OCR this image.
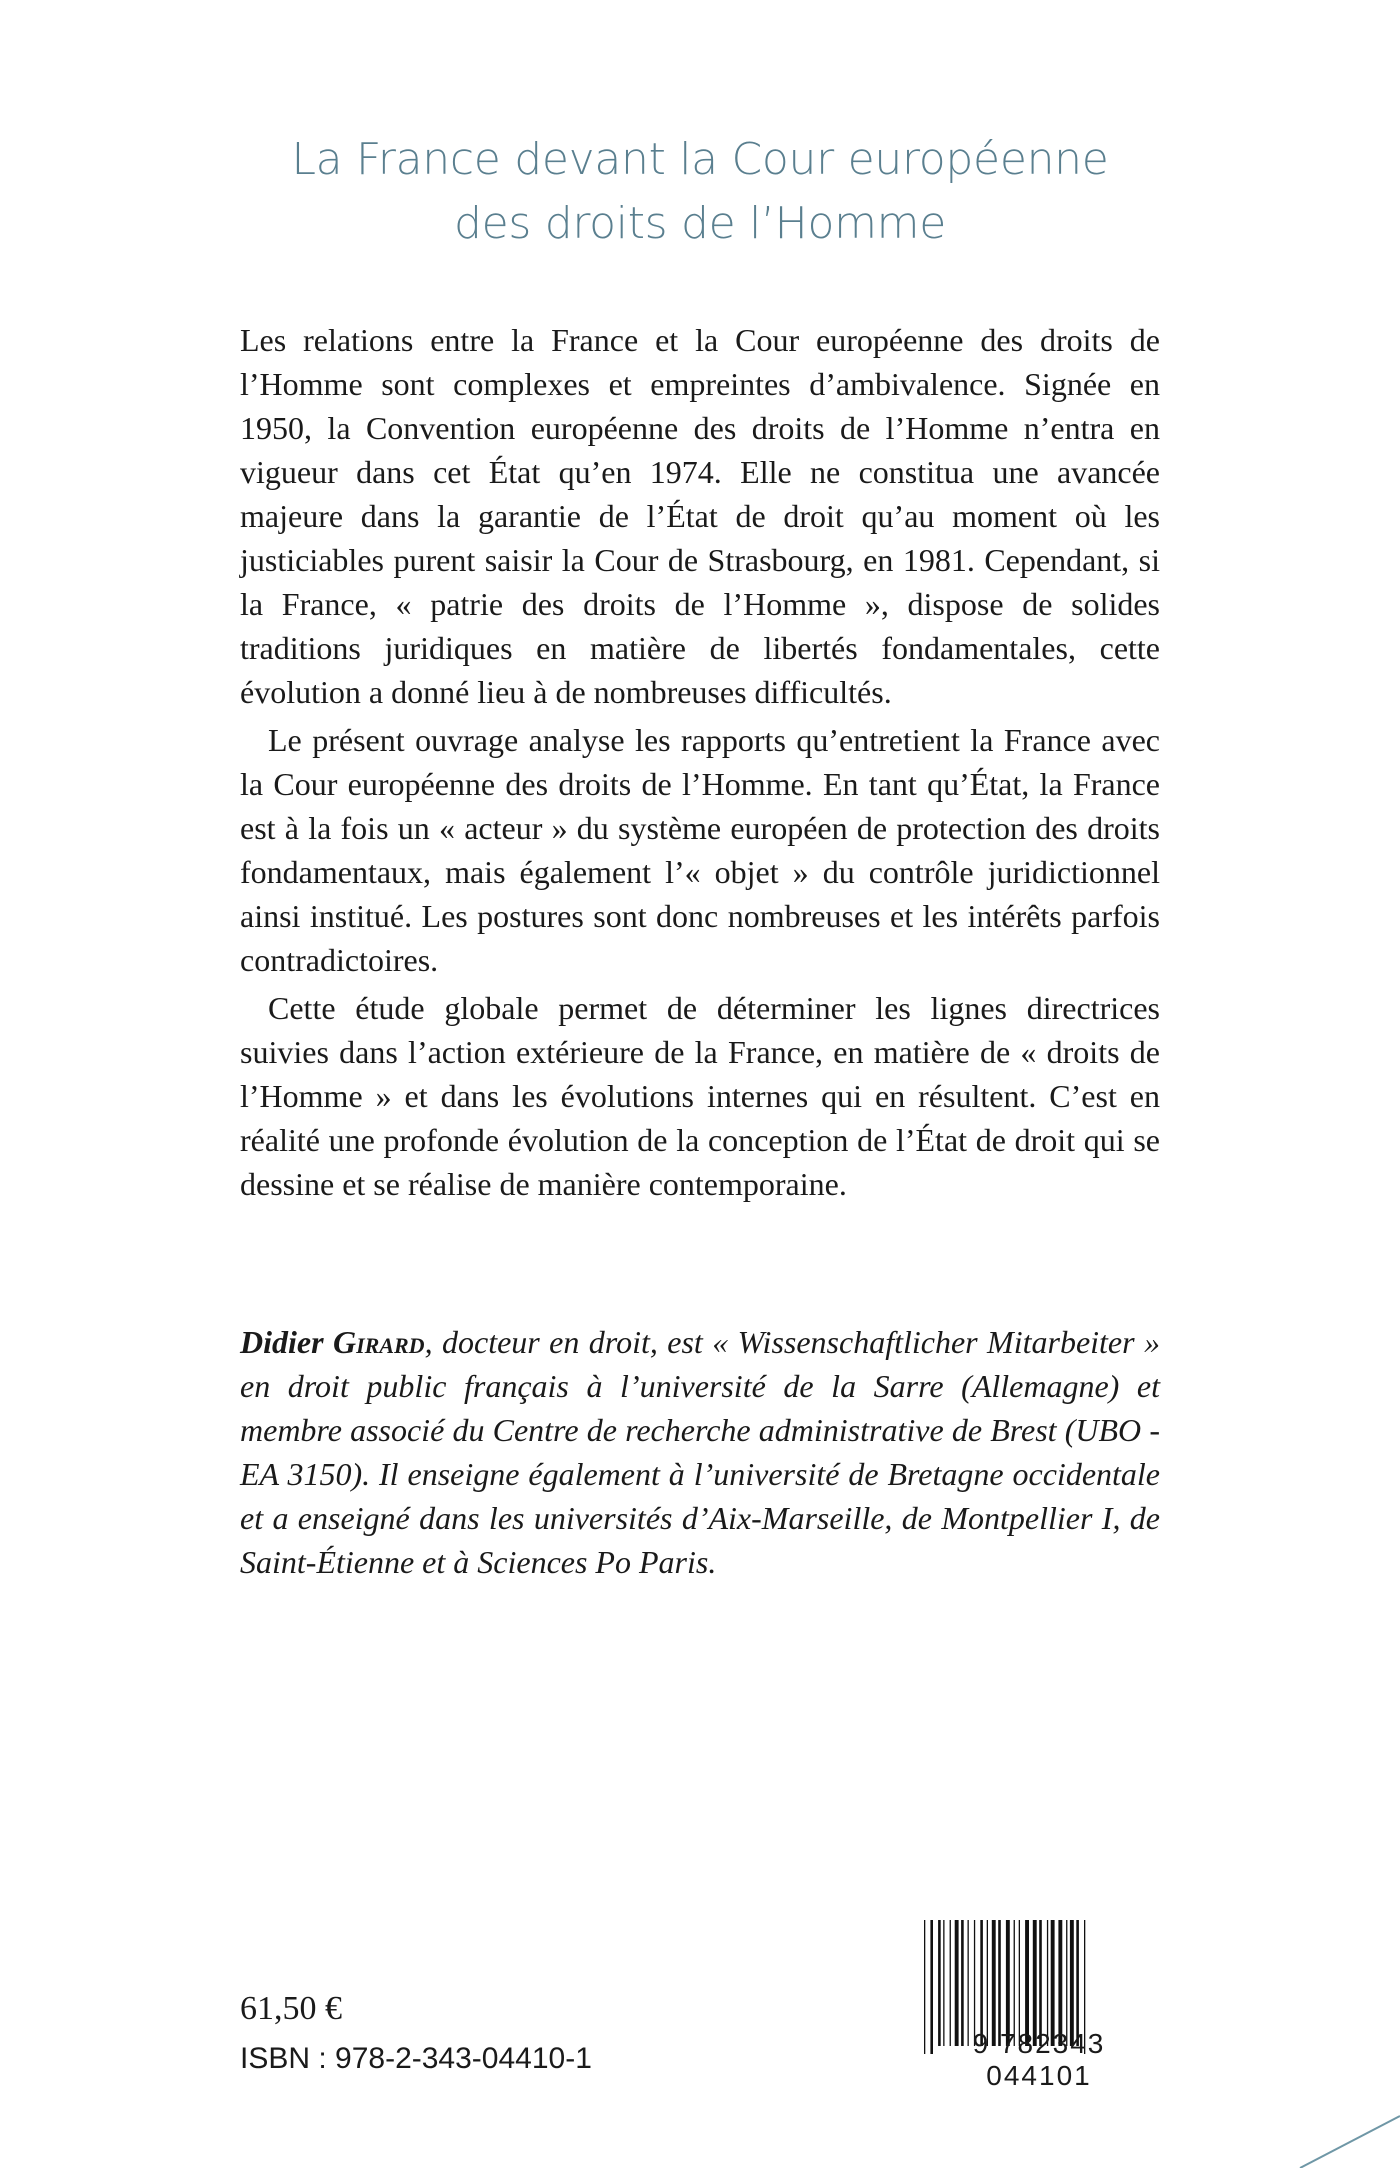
La France devant la Cour européenne
des droits de l’Homme

Les relations entre la France et la Cour européenne des droits de l’Homme sont complexes et empreintes d’ambivalence. Signée en 1950, la Convention européenne des droits de l’Homme n’entra en vigueur dans cet État qu’en 1974. Elle ne constitua une avancée majeure dans la garantie de l’État de droit qu’au moment où les justiciables purent saisir la Cour de Strasbourg, en 1981. Cependant, si la France, « patrie des droits de l’Homme », dispose de solides traditions juridiques en matière de libertés fondamentales, cette évolution a donné lieu à de nombreuses difficultés.

Le présent ouvrage analyse les rapports qu’entretient la France avec la Cour européenne des droits de l’Homme. En tant qu’État, la France est à la fois un « acteur » du système européen de protection des droits fondamentaux, mais également l’« objet » du contrôle juridictionnel ainsi institué. Les postures sont donc nombreuses et les intérêts parfois contradictoires.

Cette étude globale permet de déterminer les lignes directrices suivies dans l’action extérieure de la France, en matière de « droits de l’Homme » et dans les évolutions internes qui en résultent. C’est en réalité une profonde évolution de la conception de l’État de droit qui se dessine et se réalise de manière contemporaine.

Didier Girard, docteur en droit, est « Wissenschaftlicher Mitarbeiter » en droit public français à l’université de la Sarre (Allemagne) et membre associé du Centre de recherche administrative de Brest (UBO - EA 3150). Il enseigne également à l’université de Bretagne occidentale et a enseigné dans les universités d’Aix-Marseille, de Montpellier I, de Saint-Étienne et à Sciences Po Paris.
61,50 €
ISBN : 978-2-343-04410-1	9 782343 044101
